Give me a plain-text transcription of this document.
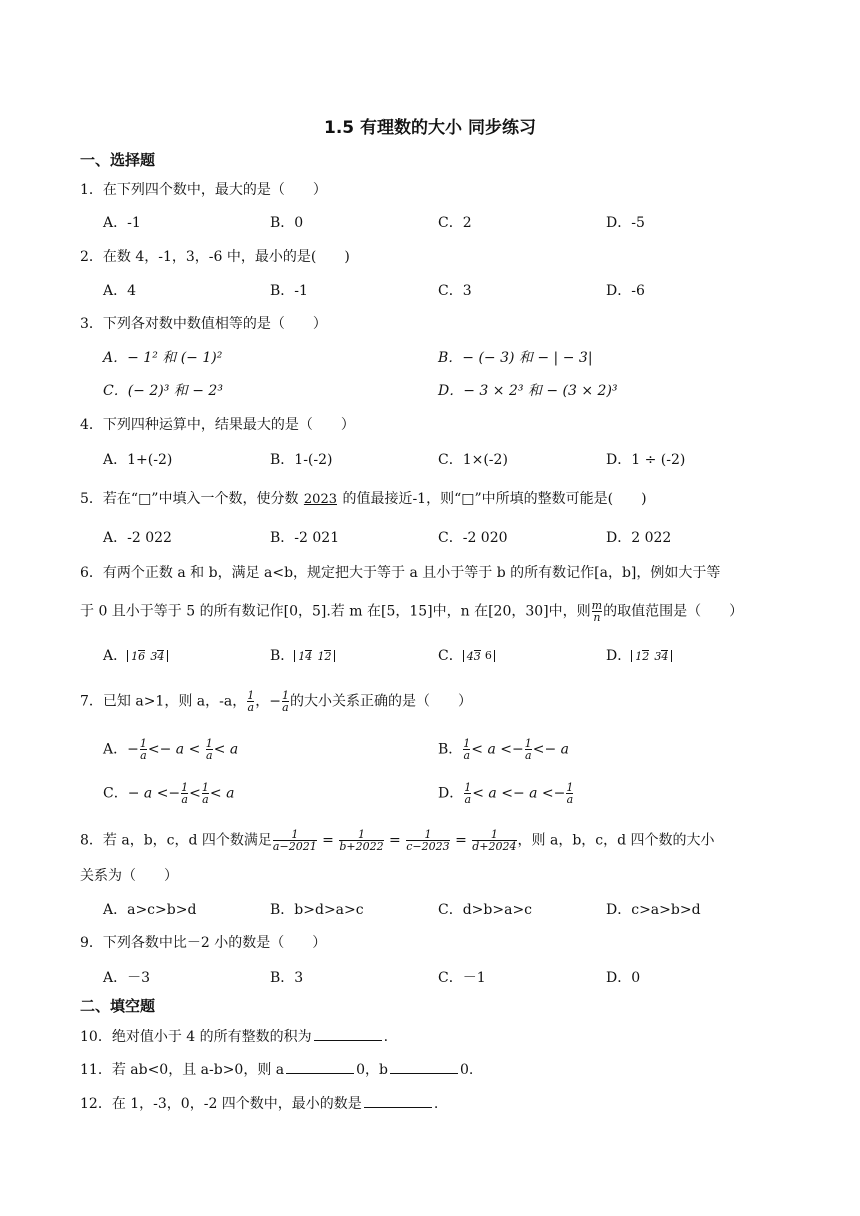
1.5 有理数的大小 同步练习
一、选择题
1．在下列四个数中，最大的是（　　）
A．-1	B．0	C．2	D．-5
2．在数 4，-1，3，-6 中，最小的是(　　)
A．4	B．-1	C．3	D．-6
3．下列各对数中数值相等的是（　　）
A．− 1² 和 (− 1)²	B．− (− 3) 和 − | − 3|
C．(− 2)³ 和 − 2³	D．− 3 × 2³ 和 − (3 × 2)³
4．下列四种运算中，结果最大的是（　　）
A．1+(-2)	B．1-(-2)	C．1×(-2)	D．1 ÷ (-2)
5．若在“□”中填入一个数，使分数 2023 的值最接近-1，则“□”中所填的整数可能是(　　)
A．-2 022	B．-2 021	C．-2 020	D．2 022
6．有两个正数 a 和 b，满足 a<b，规定把大于等于 a 且小于等于 b 的所有数记作[a，b]，例如大于等
于 0 且小于等于 5 的所有数记作[0，5].若 m 在[5，15]中，n 在[20，30]中，则 $\frac{m}{n}$ 的取值范围是（　　）
A． 16 34	B． 14 12	C． 43 6	D． 12 34
7．已知 a>1，则 a，-a， $\frac{1}{a}$ ，− $\frac{1}{a}$ 的大小关系正确的是（　　）
A．− $\frac{1}{a} <- a < \frac{1}{a} < a$	B． $\frac{1}{a} < a <- \frac{1}{a} <- a$
C．− $a <- \frac{1}{a} < \frac{1}{a} < a$	D． $\frac{1}{a} < a <- a <- \frac{1}{a}$
8．若 a，b，c，d 四个数满足 $\frac{1}{a-2021} = \frac{1}{b+2022} = \frac{1}{c-2023} = \frac{1}{d+2024}$ ，则 a，b，c，d 四个数的大小
关系为（　　）
A．a>c>b>d	B．b>d>a>c	C．d>b>a>c	D．c>a>b>d
9．下列各数中比－2 小的数是（　　）
A．－3	B．3	C．－1	D．0
二、填空题
10．绝对值小于 4 的所有整数的积为	.
11．若 ab<0，且 a-b>0，则 a	0，b	0.
12．在 1，-3，0，-2 四个数中，最小的数是	.
